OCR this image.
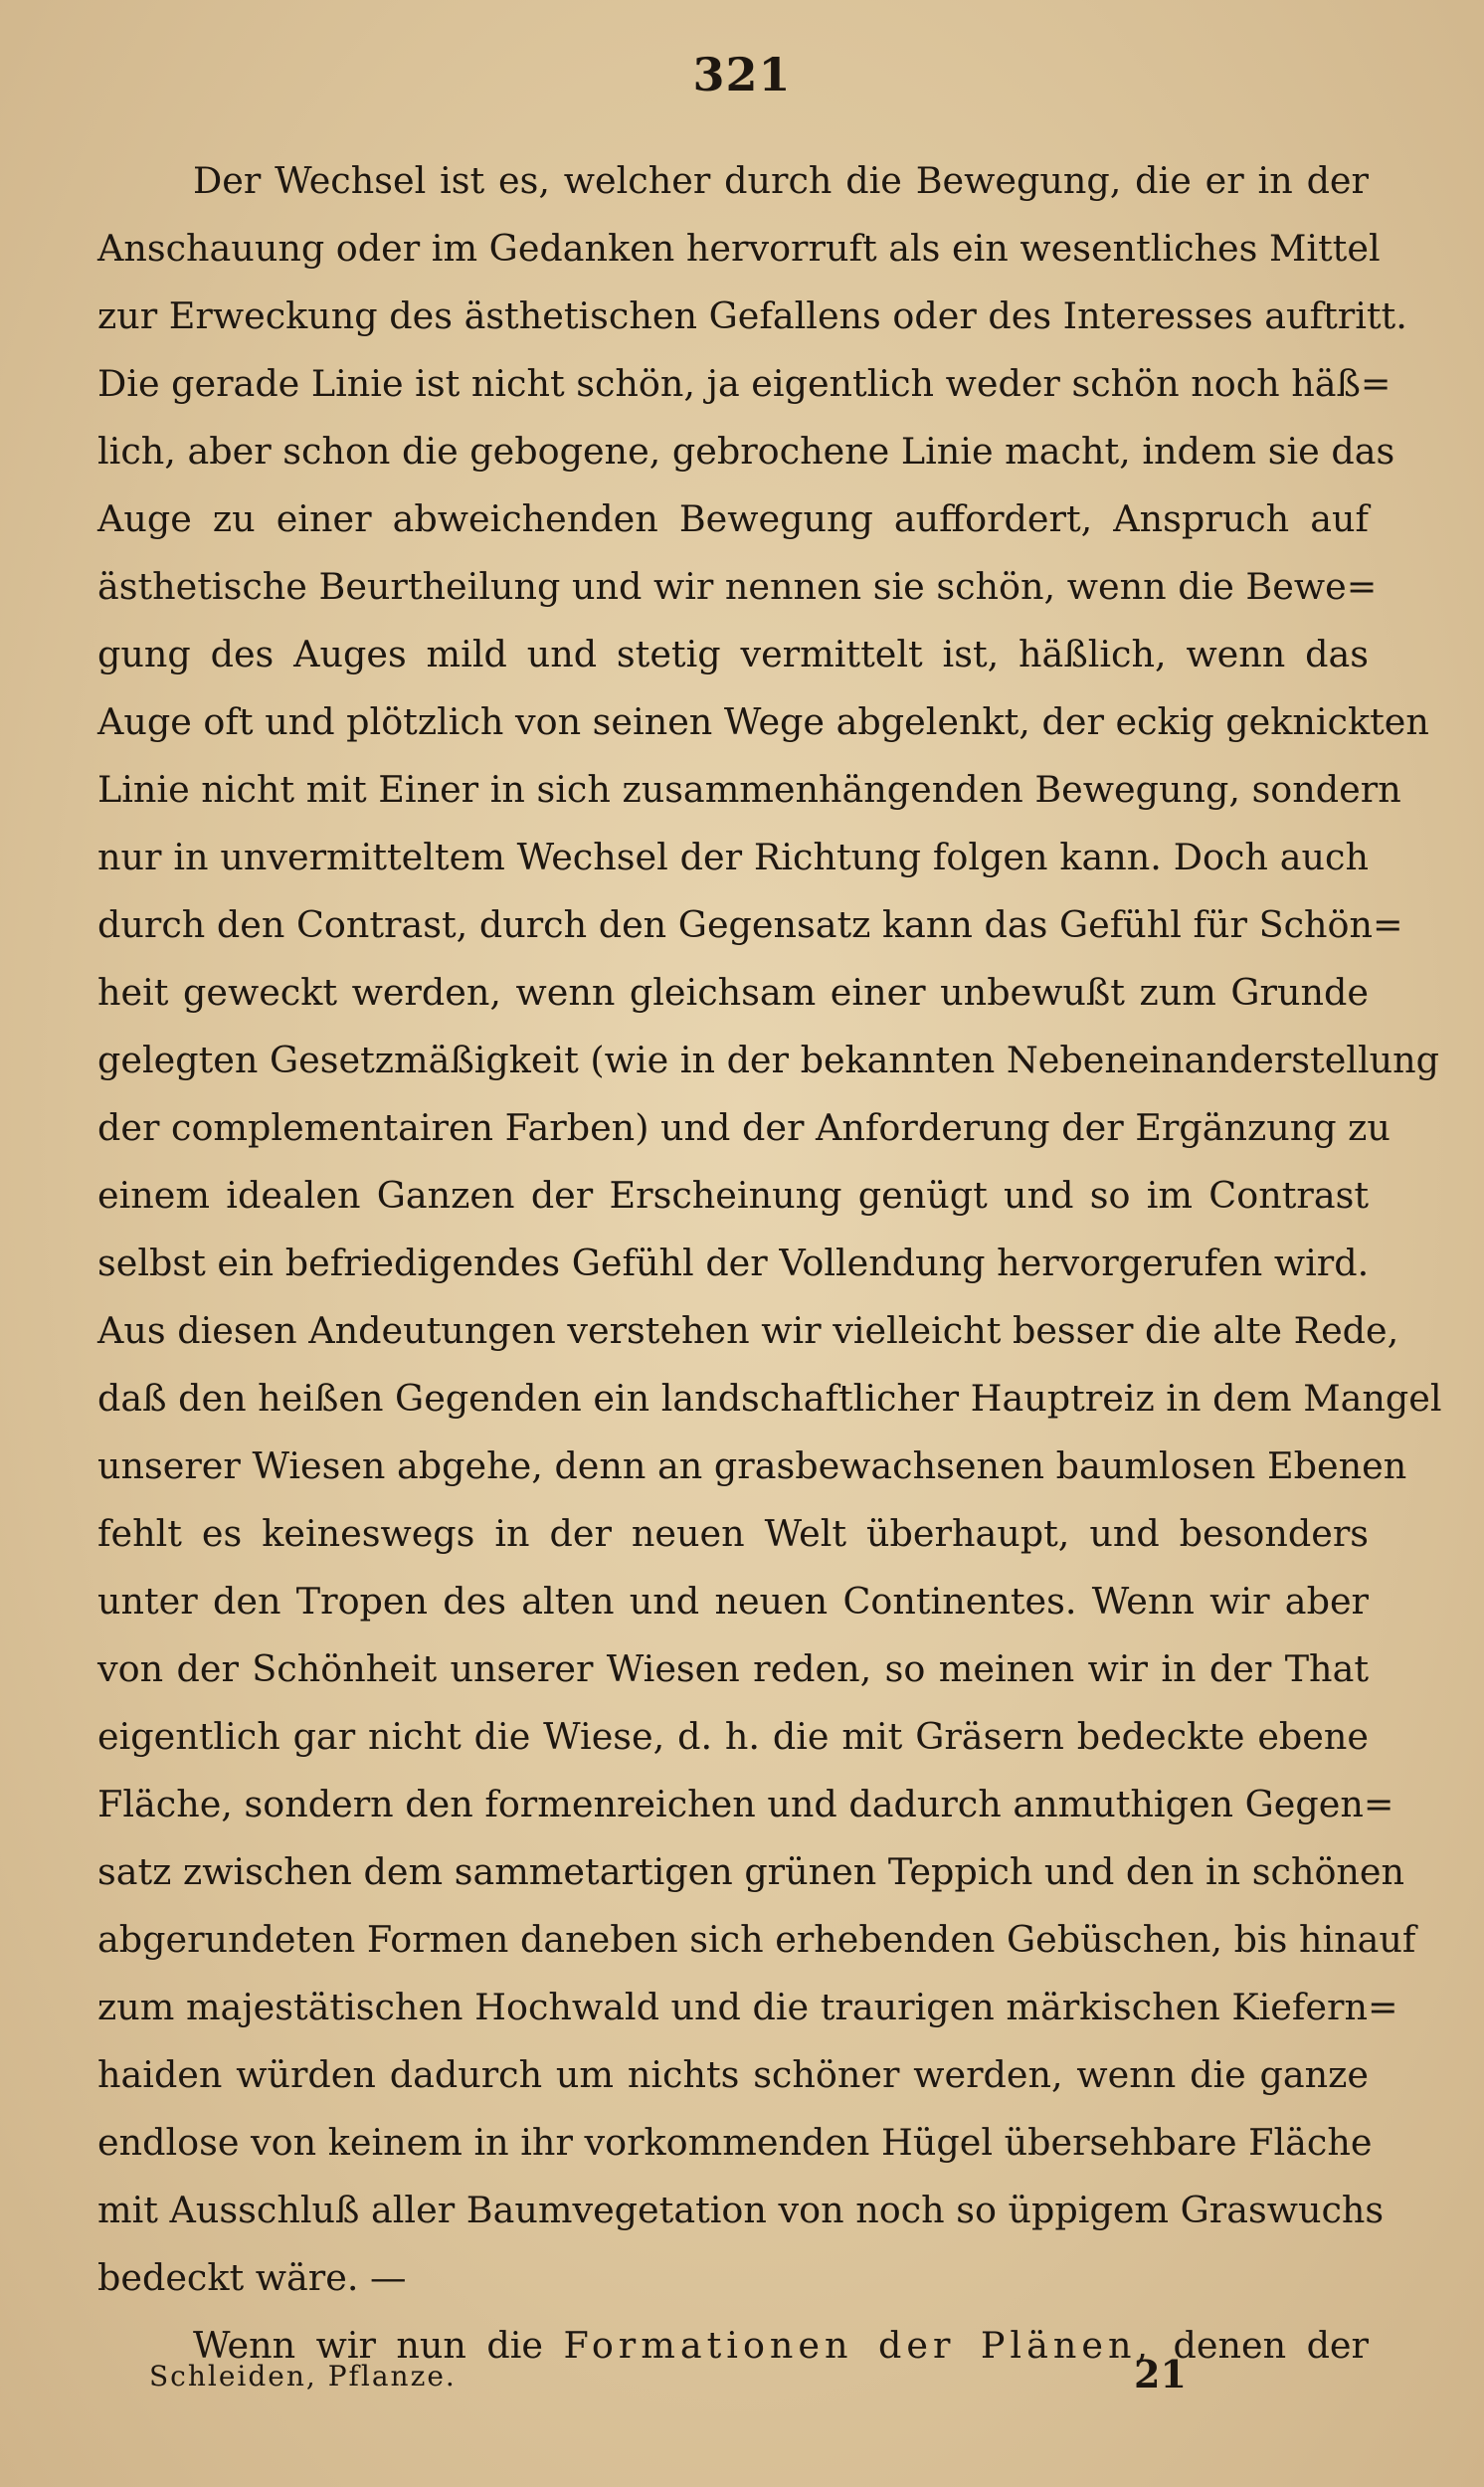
321
Der Wechsel ist es, welcher durch die Bewegung, die er in der
Anschauung oder im Gedanken hervorruft als ein wesentliches Mittel
zur Erweckung des ästhetischen Gefallens oder des Interesses auftritt.
Die gerade Linie ist nicht schön, ja eigentlich weder schön noch häß=
lich, aber schon die gebogene, gebrochene Linie macht, indem sie das
Auge zu einer abweichenden Bewegung auffordert, Anspruch auf
ästhetische Beurtheilung und wir nennen sie schön, wenn die Bewe=
gung des Auges mild und stetig vermittelt ist, häßlich, wenn das
Auge oft und plötzlich von seinen Wege abgelenkt, der eckig geknickten
Linie nicht mit Einer in sich zusammenhängenden Bewegung, sondern
nur in unvermitteltem Wechsel der Richtung folgen kann. Doch auch
durch den Contrast, durch den Gegensatz kann das Gefühl für Schön=
heit geweckt werden, wenn gleichsam einer unbewußt zum Grunde
gelegten Gesetzmäßigkeit (wie in der bekannten Nebeneinanderstellung
der complementairen Farben) und der Anforderung der Ergänzung zu
einem idealen Ganzen der Erscheinung genügt und so im Contrast
selbst ein befriedigendes Gefühl der Vollendung hervorgerufen wird.
Aus diesen Andeutungen verstehen wir vielleicht besser die alte Rede,
daß den heißen Gegenden ein landschaftlicher Hauptreiz in dem Mangel
unserer Wiesen abgehe, denn an grasbewachsenen baumlosen Ebenen
fehlt es keineswegs in der neuen Welt überhaupt, und besonders
unter den Tropen des alten und neuen Continentes. Wenn wir aber
von der Schönheit unserer Wiesen reden, so meinen wir in der That
eigentlich gar nicht die Wiese, d. h. die mit Gräsern bedeckte ebene
Fläche, sondern den formenreichen und dadurch anmuthigen Gegen=
satz zwischen dem sammetartigen grünen Teppich und den in schönen
abgerundeten Formen daneben sich erhebenden Gebüschen, bis hinauf
zum majestätischen Hochwald und die traurigen märkischen Kiefern=
haiden würden dadurch um nichts schöner werden, wenn die ganze
endlose von keinem in ihr vorkommenden Hügel übersehbare Fläche
mit Ausschluß aller Baumvegetation von noch so üppigem Graswuchs
bedeckt wäre. —
Wenn wir nun die Formationen der Plänen, denen der
Schleiden, Pflanze.	21
